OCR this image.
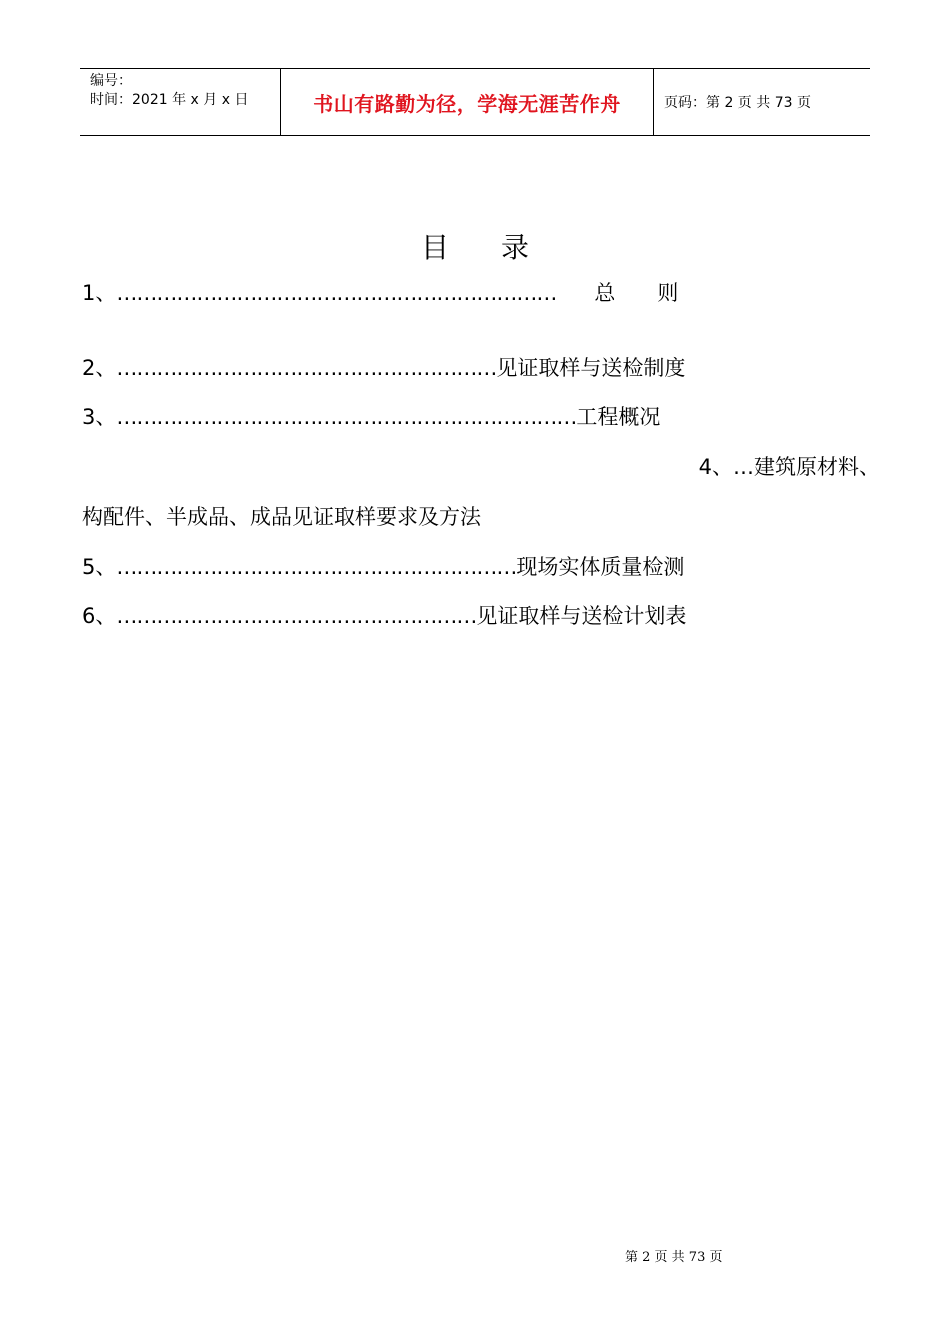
编号：
时间：2021 年 x 月 x 日	书山有路勤为径，学海无涯苦作舟	页码：第 2 页 共 73 页
目 录
1、………………………………………………………… 总　　则
2、…………………………………………………见证取样与送检制度
3、……………………………………………………………工程概况
4、…建筑原材料、
构配件、半成品、成品见证取样要求及方法
5、……………………………………………………现场实体质量检测
6、………………………………………………见证取样与送检计划表
第 2 页 共 73 页
